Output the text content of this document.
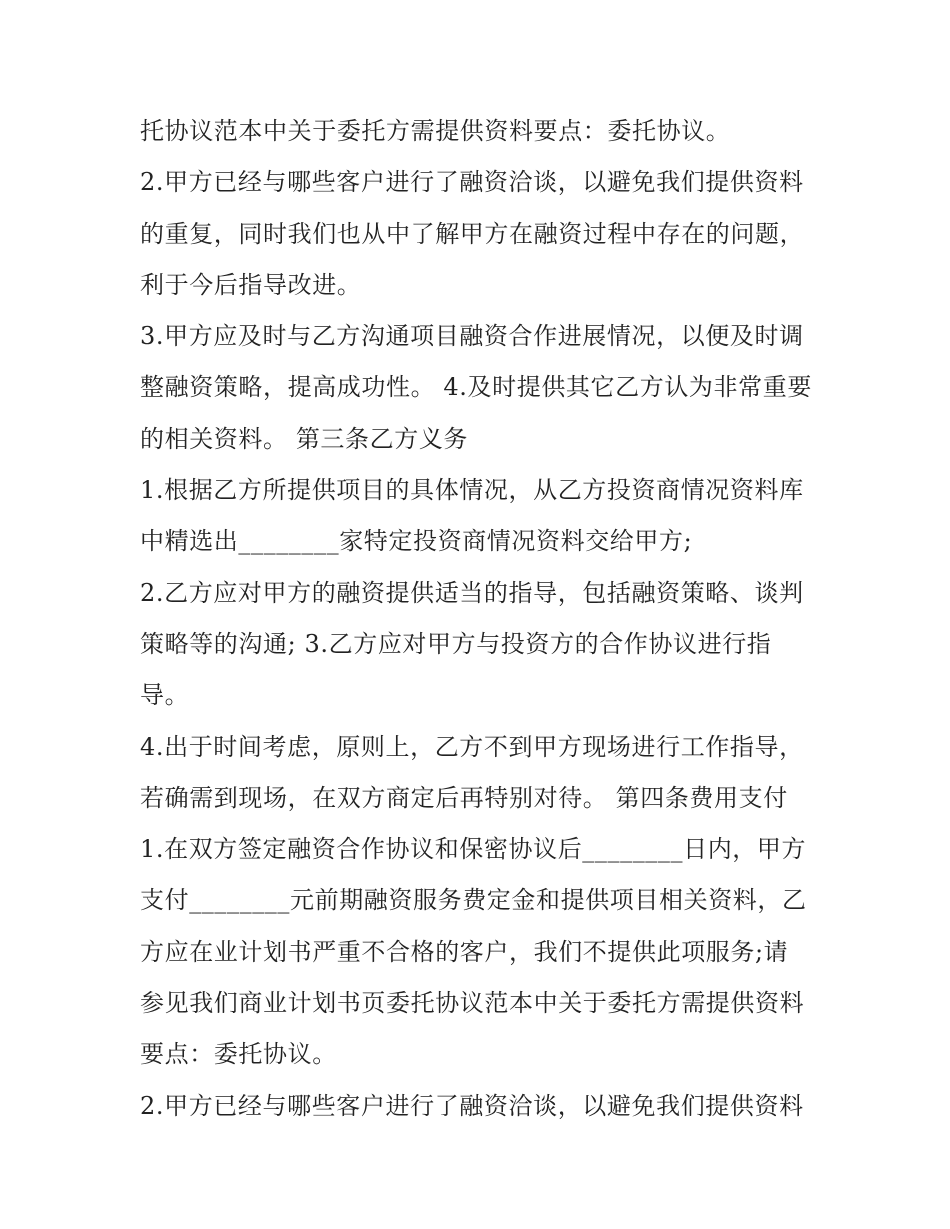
托协议范本中关于委托方需提供资料要点：委托协议。
2.甲方已经与哪些客户进行了融资洽谈，以避免我们提供资料
的重复，同时我们也从中了解甲方在融资过程中存在的问题，
利于今后指导改进。
3.甲方应及时与乙方沟通项目融资合作进展情况，以便及时调
整融资策略，提高成功性。 4.及时提供其它乙方认为非常重要
的相关资料。 第三条乙方义务
1.根据乙方所提供项目的具体情况，从乙方投资商情况资料库
中精选出________家特定投资商情况资料交给甲方;
2.乙方应对甲方的融资提供适当的指导，包括融资策略、谈判
策略等的沟通; 3.乙方应对甲方与投资方的合作协议进行指
导。
4.出于时间考虑，原则上，乙方不到甲方现场进行工作指导，
若确需到现场，在双方商定后再特别对待。 第四条费用支付
1.在双方签定融资合作协议和保密协议后________日内，甲方
支付________元前期融资服务费定金和提供项目相关资料，乙
方应在业计划书严重不合格的客户，我们不提供此项服务;请
参见我们商业计划书页委托协议范本中关于委托方需提供资料
要点：委托协议。
2.甲方已经与哪些客户进行了融资洽谈，以避免我们提供资料
